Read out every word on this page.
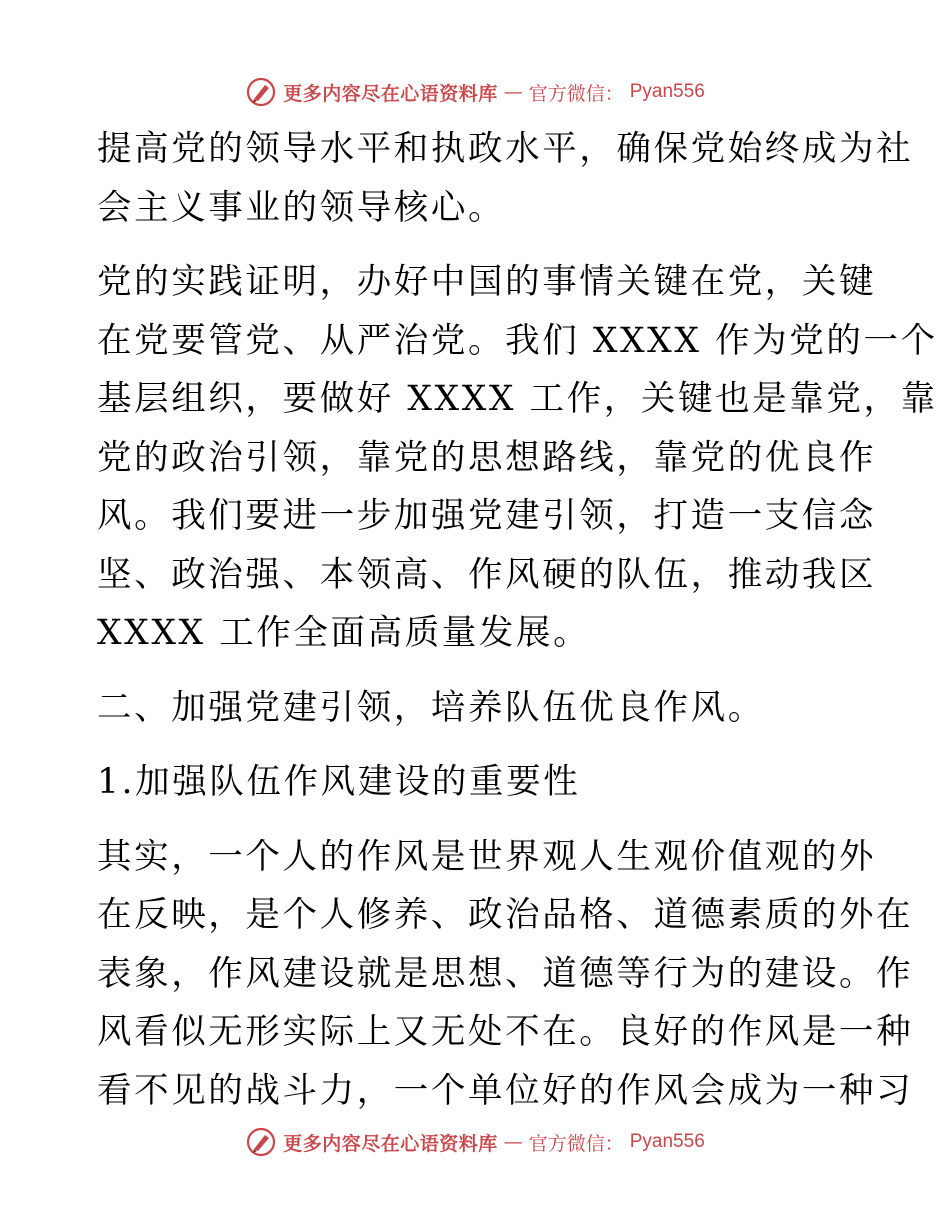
更多内容尽在心语资料库 — 官方微信： Pyan556

提高党的领导水平和执政水平，确保党始终成为社
会主义事业的领导核心。

党的实践证明，办好中国的事情关键在党，关键
在党要管党、从严治党。我们 XXXX 作为党的一个
基层组织，要做好 XXXX 工作，关键也是靠党，靠
党的政治引领，靠党的思想路线，靠党的优良作
风。我们要进一步加强党建引领，打造一支信念
坚、政治强、本领高、作风硬的队伍，推动我区
XXXX 工作全面高质量发展。

二、加强党建引领，培养队伍优良作风。

1.加强队伍作风建设的重要性

其实，一个人的作风是世界观人生观价值观的外
在反映，是个人修养、政治品格、道德素质的外在
表象，作风建设就是思想、道德等行为的建设。作
风看似无形实际上又无处不在。良好的作风是一种
看不见的战斗力，一个单位好的作风会成为一种习

更多内容尽在心语资料库 — 官方微信： Pyan556
